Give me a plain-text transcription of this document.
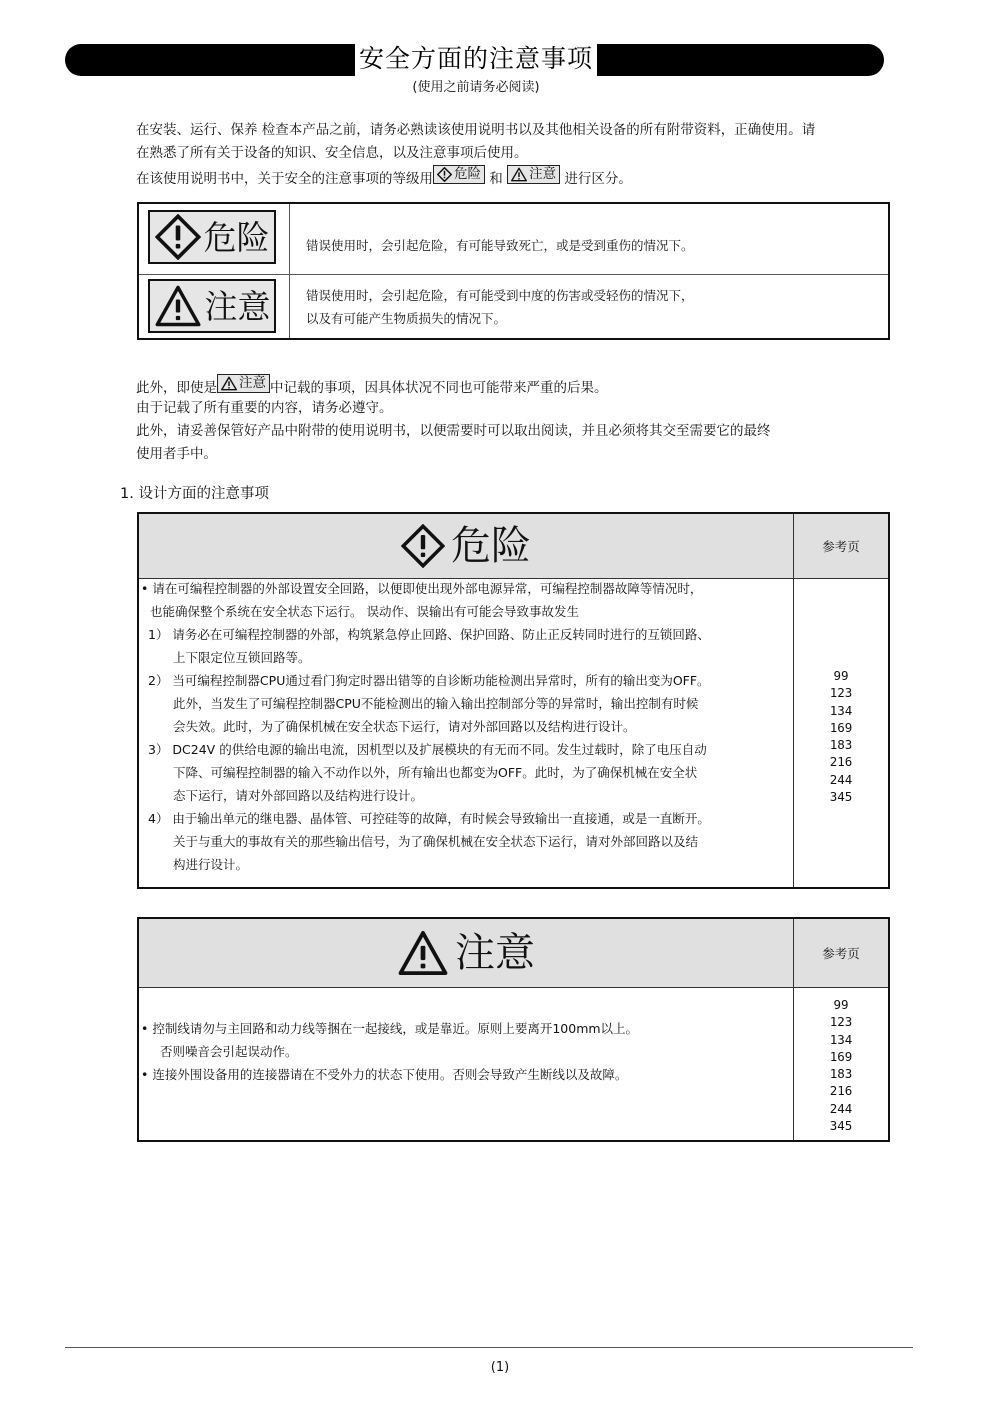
安全方面的注意事项
(使用之前请务必阅读)
在安装、运行、保养 检查本产品之前，请务必熟读该使用说明书以及其他相关设备的所有附带资料，正确使用。请
在熟悉了所有关于设备的知识、安全信息，以及注意事项后使用。
在该使用说明书中，关于安全的注意事项的等级用 危险 和 注意 进行区分。
危险	错误使用时，会引起危险，有可能导致死亡，或是受到重伤的情况下。
注意	错误使用时，会引起危险，有可能受到中度的伤害或受轻伤的情况下，
以及有可能产生物质损失的情况下。
此外，即使是 注意 中记载的事项，因具体状况不同也可能带来严重的后果。
由于记载了所有重要的内容，请务必遵守。
此外，请妥善保管好产品中附带的使用说明书，以便需要时可以取出阅读，并且必须将其交至需要它的最终
使用者手中。
1. 设计方面的注意事项
危险	参考页
• 请在可编程控制器的外部设置安全回路，以便即使出现外部电源异常，可编程控制器故障等情况时，
也能确保整个系统在安全状态下运行。 误动作、误输出有可能会导致事故发生
1） 请务必在可编程控制器的外部，构筑紧急停止回路、保护回路、防止正反转同时进行的互锁回路、
上下限定位互锁回路等。
2） 当可编程控制器CPU通过看门狗定时器出错等的自诊断功能检测出异常时，所有的输出变为OFF。
此外，当发生了可编程控制器CPU不能检测出的输入输出控制部分等的异常时，输出控制有时候
会失效。此时，为了确保机械在安全状态下运行，请对外部回路以及结构进行设计。
3） DC24V 的供给电源的输出电流，因机型以及扩展模块的有无而不同。发生过载时，除了电压自动
下降、可编程控制器的输入不动作以外，所有输出也都变为OFF。此时，为了确保机械在安全状
态下运行，请对外部回路以及结构进行设计。
4） 由于输出单元的继电器、晶体管、可控硅等的故障，有时候会导致输出一直接通，或是一直断开。
关于与重大的事故有关的那些输出信号，为了确保机械在安全状态下运行，请对外部回路以及结
构进行设计。
99
123
134
169
183
216
244
345
注意	参考页
• 控制线请勿与主回路和动力线等捆在一起接线，或是靠近。原则上要离开100mm以上。
否则噪音会引起误动作。
• 连接外围设备用的连接器请在不受外力的状态下使用。否则会导致产生断线以及故障。
99
123
134
169
183
216
244
345
(1)
